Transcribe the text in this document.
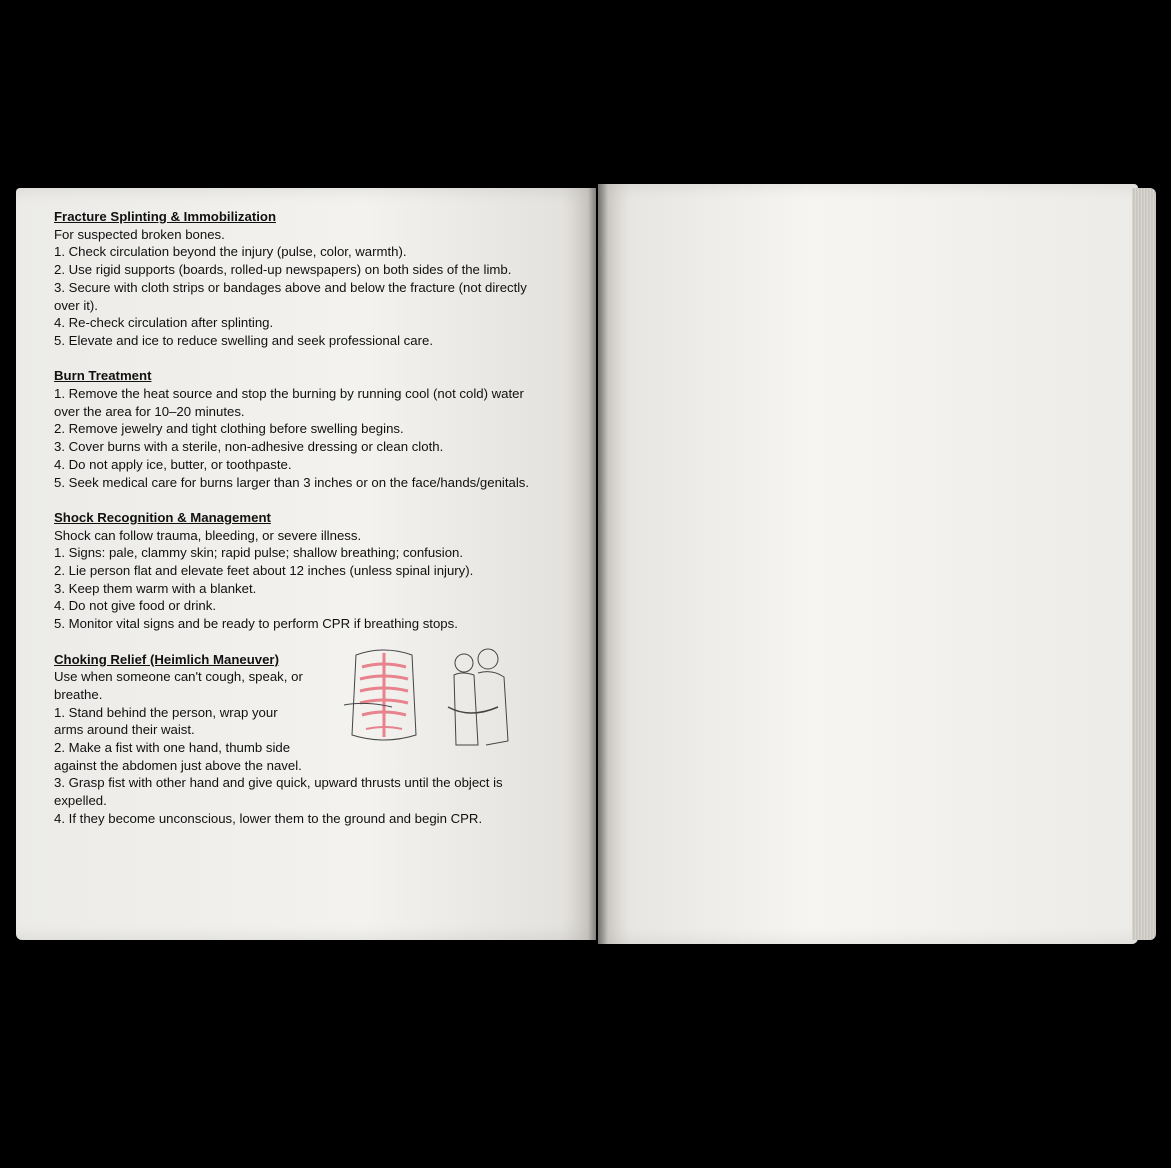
Fracture Splinting & Immobilization

For suspected broken bones.

1. Check circulation beyond the injury (pulse, color, warmth).

2. Use rigid supports (boards, rolled-up newspapers) on both sides of the limb.

3. Secure with cloth strips or bandages above and below the fracture (not directly over it).

4. Re-check circulation after splinting.

5. Elevate and ice to reduce swelling and seek professional care.

Burn Treatment

1. Remove the heat source and stop the burning by running cool (not cold) water over the area for 10–20 minutes.

2. Remove jewelry and tight clothing before swelling begins.

3. Cover burns with a sterile, non-adhesive dressing or clean cloth.

4. Do not apply ice, butter, or toothpaste.

5. Seek medical care for burns larger than 3 inches or on the face/hands/genitals.

Shock Recognition & Management

Shock can follow trauma, bleeding, or severe illness.

1. Signs: pale, clammy skin; rapid pulse; shallow breathing; confusion.

2. Lie person flat and elevate feet about 12 inches (unless spinal injury).

3. Keep them warm with a blanket.

4. Do not give food or drink.

5. Monitor vital signs and be ready to perform CPR if breathing stops.

Choking Relief (Heimlich Maneuver)

Use when someone can't cough, speak, or breathe.

1. Stand behind the person, wrap your arms around their waist.

2. Make a fist with one hand, thumb side

against the abdomen just above the navel.

3. Grasp fist with other hand and give quick, upward thrusts until the object is expelled.

4. If they become unconscious, lower them to the ground and begin CPR.
